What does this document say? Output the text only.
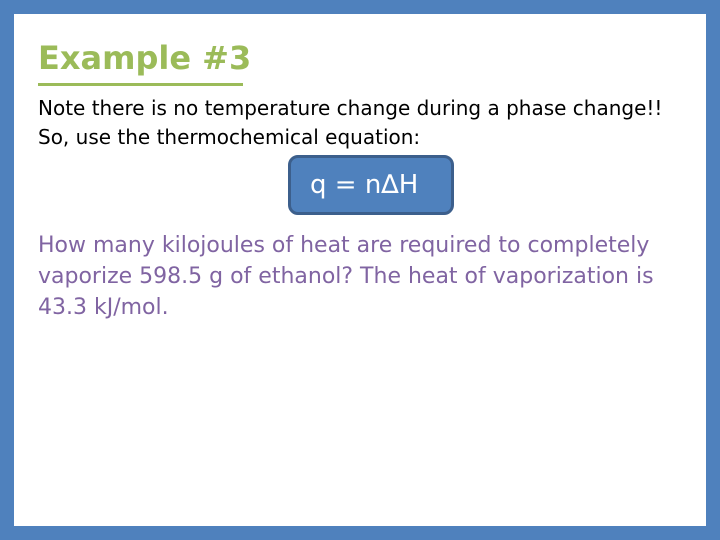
Example #3

Note there is no temperature change during a phase change!! So, use the thermochemical equation:

q = n∆H

How many kilojoules of heat are required to completely vaporize 598.5 g of ethanol? The heat of vaporization is 43.3 kJ/mol.
